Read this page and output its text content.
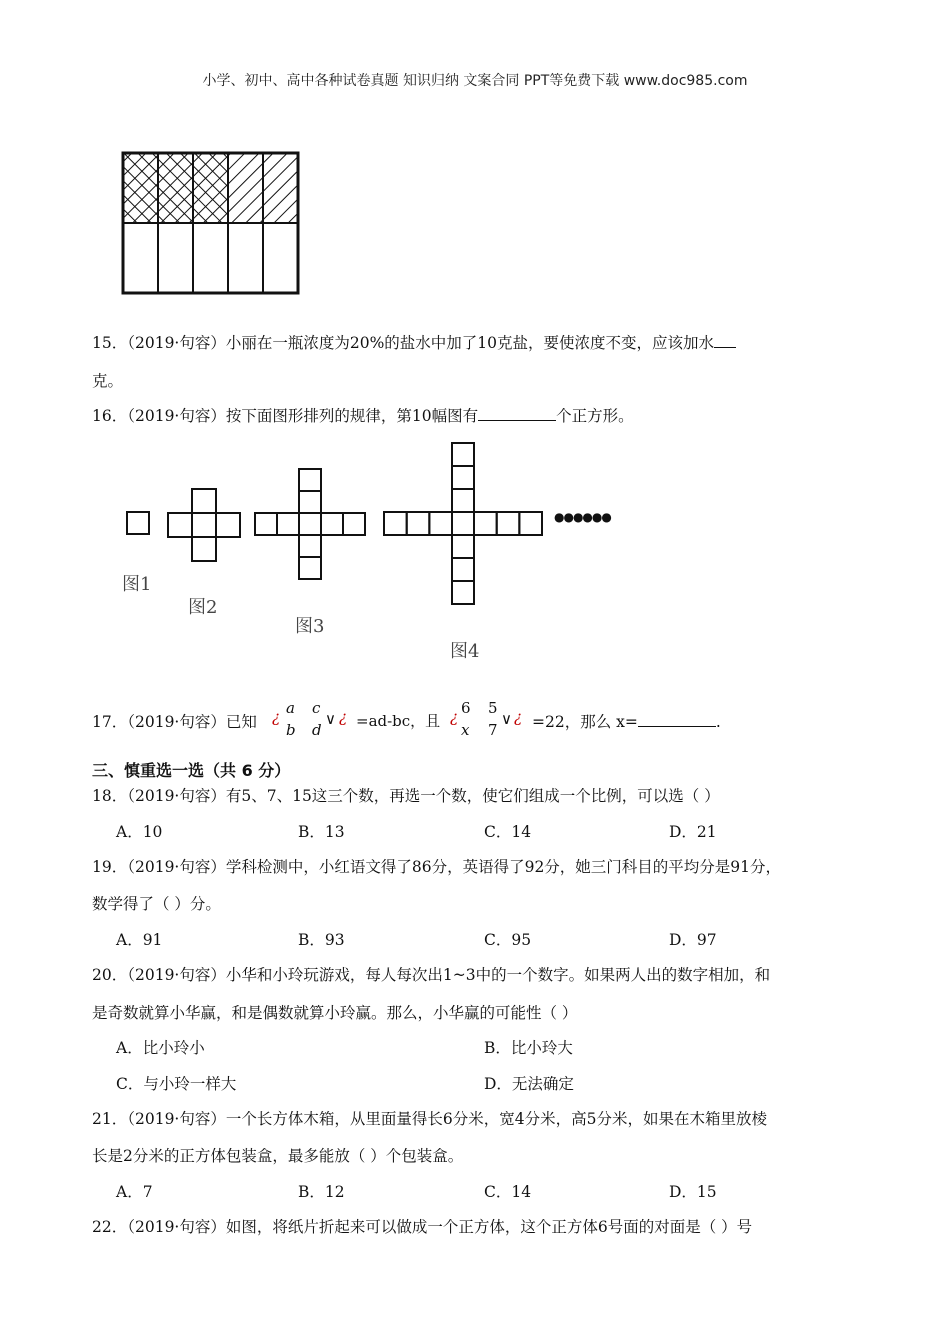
小学、初中、高中各种试卷真题 知识归纳 文案合同 PPT等免费下载 www.doc985.com
15．（2019·句容）小丽在一瓶浓度为20%的盐水中加了10克盐，要使浓度不变，应该加水
克。
16．（2019·句容）按下面图形排列的规律，第10幅图有	个正方形。
●●●●●●
图1
图2
图3
图4
17．（2019·句容）已知 ¿ a
b
c
d
∨ ¿ =ad-bc，且 ¿ 6
x
5
7
∨ ¿ =22，那么 x=	.
三、慎重选一选（共 6 分）
18．（2019·句容）有5、7、15这三个数，再选一个数，使它们组成一个比例，可以选（ ）
A．10	B．13	C．14	D．21
19．（2019·句容）学科检测中，小红语文得了86分，英语得了92分，她三门科目的平均分是91分，
数学得了（ ）分。
A．91	B．93	C．95	D．97
20．（2019·句容）小华和小玲玩游戏，每人每次出1~3中的一个数字。如果两人出的数字相加，和
是奇数就算小华赢，和是偶数就算小玲赢。那么，小华赢的可能性（ ）
A．比小玲小	B．比小玲大
C．与小玲一样大	D．无法确定
21．（2019·句容）一个长方体木箱，从里面量得长6分米，宽4分米，高5分米，如果在木箱里放棱
长是2分米的正方体包装盒，最多能放（ ）个包装盒。
A．7	B．12	C．14	D．15
22．（2019·句容）如图，将纸片折起来可以做成一个正方体，这个正方体6号面的对面是（ ）号
